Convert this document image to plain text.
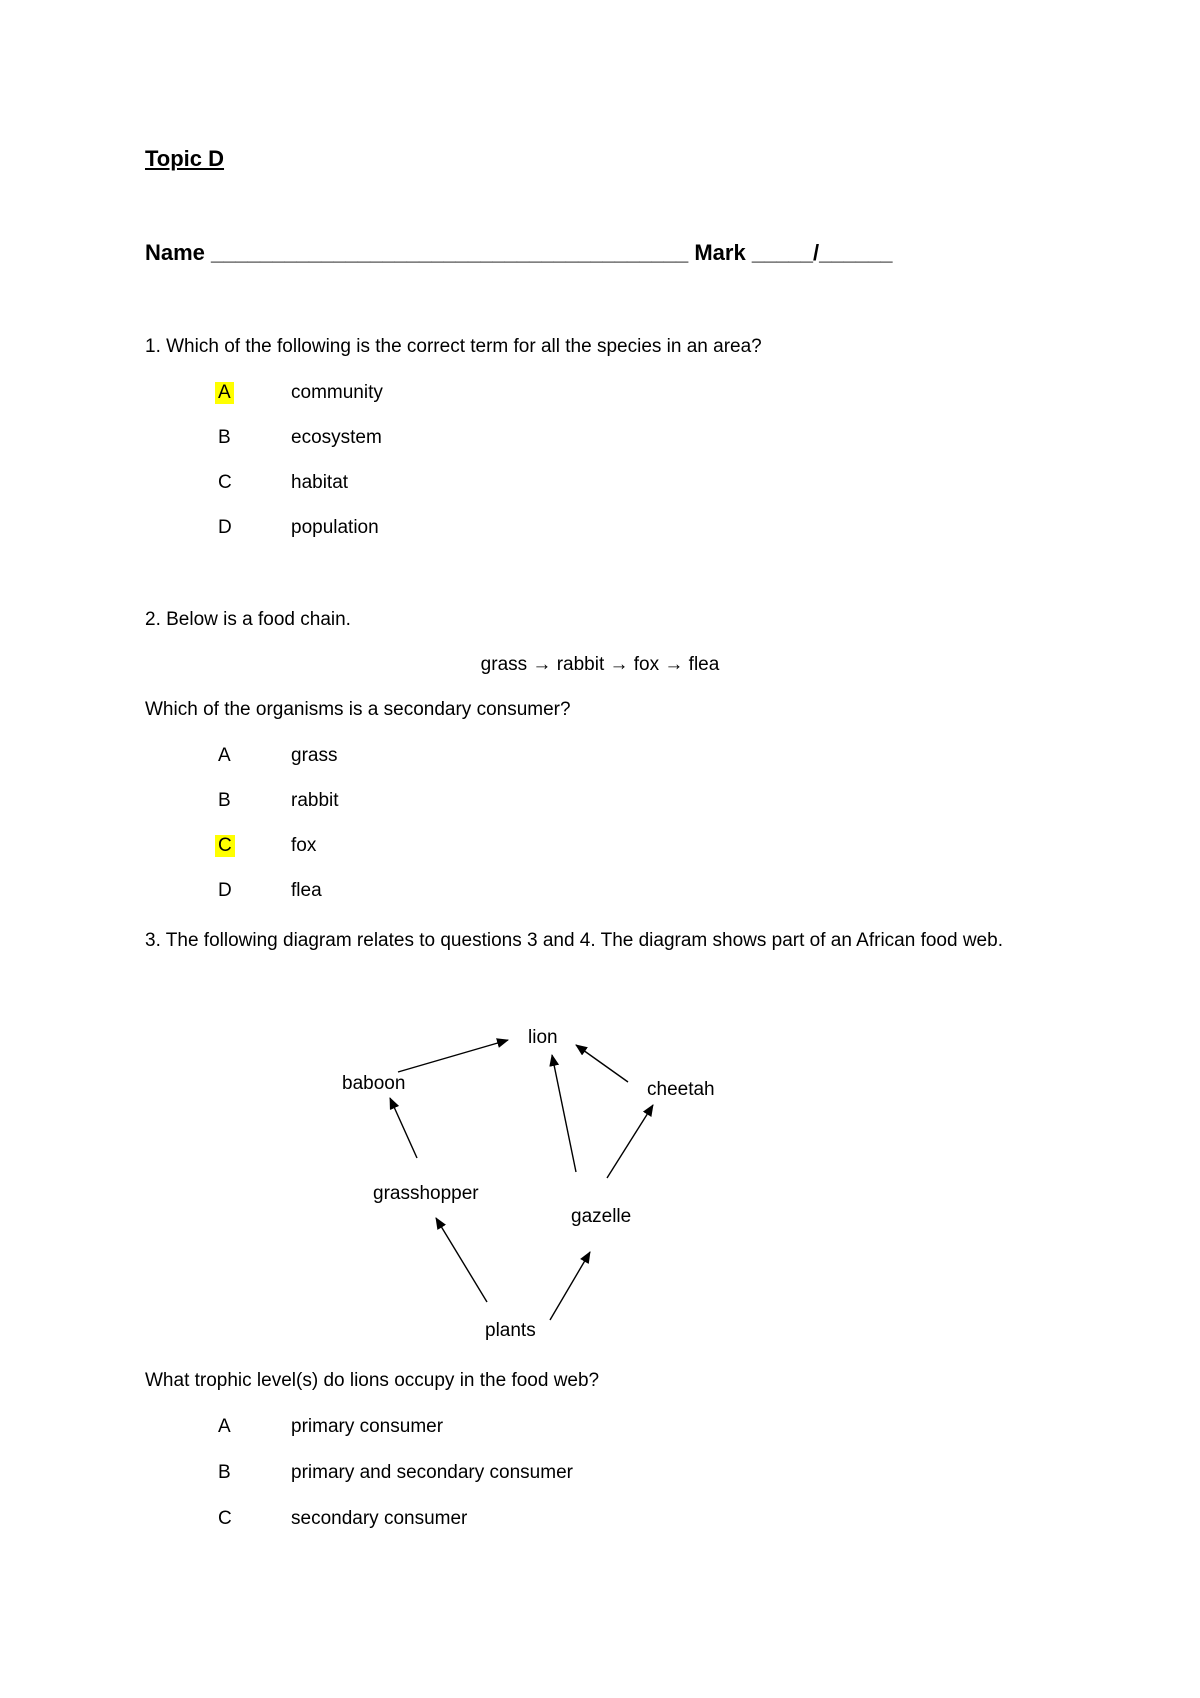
Topic D
Name _______________________________________ Mark _____/______
1. Which of the following is the correct term for all the species in an area?
A	community
B	ecosystem
C	habitat
D	population
2. Below is a food chain.
grass → rabbit → fox → flea
Which of the organisms is a secondary consumer?
A	grass
B	rabbit
C	fox
D	flea
3. The following diagram relates to questions 3 and 4. The diagram shows part of an African food web.
lion
baboon	cheetah
grasshopper
gazelle
plants
What trophic level(s) do lions occupy in the food web?
A	primary consumer
B	primary and secondary consumer
C	secondary consumer
